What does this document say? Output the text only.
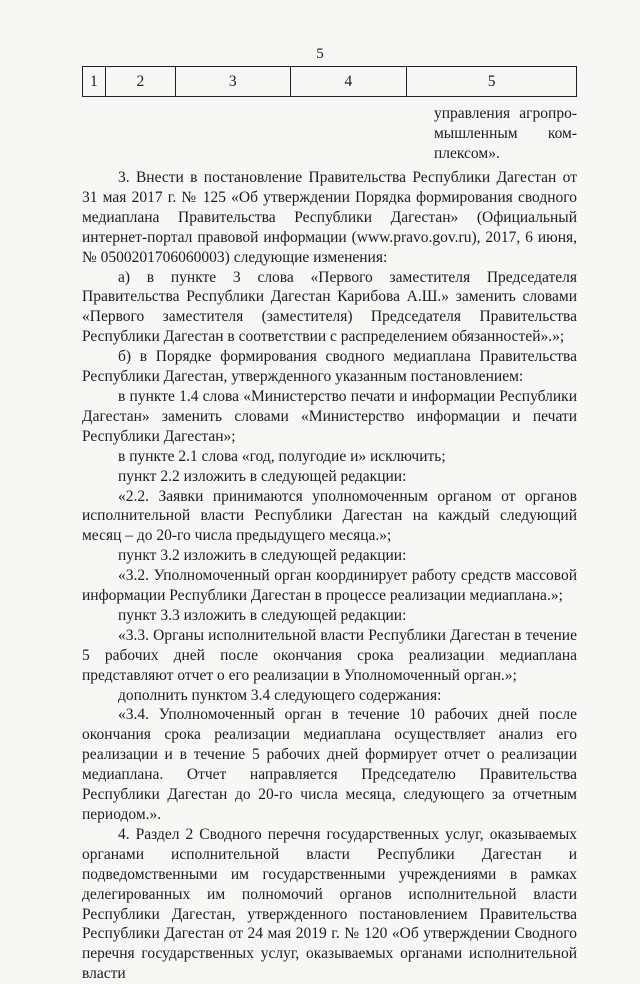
5
1	2	3	4	5
управления агропро-
мышленным ком-
плексом».

3. Внести в постановление Правительства Республики Дагестан от 31 мая 2017 г. № 125 «Об утверждении Порядка формирования сводного медиаплана Правительства Республики Дагестан» (Официальный интернет-портал правовой информации (www.pravo.gov.ru), 2017, 6 июня, № 0500201706060003) следующие изменения:

а) в пункте 3 слова «Первого заместителя Председателя Правительства Республики Дагестан Карибова А.Ш.» заменить словами «Первого заместителя (заместителя) Председателя Правительства Республики Дагестан в соответствии с распределением обязанностей».»;

б) в Порядке формирования сводного медиаплана Правительства Республики Дагестан, утвержденного указанным постановлением:

в пункте 1.4 слова «Министерство печати и информации Республики Дагестан» заменить словами «Министерство информации и печати Республики Дагестан»;

в пункте 2.1 слова «год, полугодие и» исключить;

пункт 2.2 изложить в следующей редакции:

«2.2. Заявки принимаются уполномоченным органом от органов исполнительной власти Республики Дагестан на каждый следующий месяц – до 20-го числа предыдущего месяца.»;

пункт 3.2 изложить в следующей редакции:

«3.2. Уполномоченный орган координирует работу средств массовой информации Республики Дагестан в процессе реализации медиаплана.»;

пункт 3.3 изложить в следующей редакции:

«3.3. Органы исполнительной власти Республики Дагестан в течение 5 рабочих дней после окончания срока реализации медиаплана представляют отчет о его реализации в Уполномоченный орган.»;

дополнить пунктом 3.4 следующего содержания:

«3.4. Уполномоченный орган в течение 10 рабочих дней после окончания срока реализации медиаплана осуществляет анализ его реализации и в течение 5 рабочих дней формирует отчет о реализации медиаплана. Отчет направляется Председателю Правительства Республики Дагестан до 20-го числа месяца, следующего за отчетным периодом.».

4. Раздел 2 Сводного перечня государственных услуг, оказываемых органами исполнительной власти Республики Дагестан и подведомственными им государственными учреждениями в рамках делегированных им полномочий органов исполнительной власти Республики Дагестан, утвержденного постановлением Правительства Республики Дагестан от 24 мая 2019 г. № 120 «Об утверждении Сводного перечня государственных услуг, оказываемых органами исполнительной власти
